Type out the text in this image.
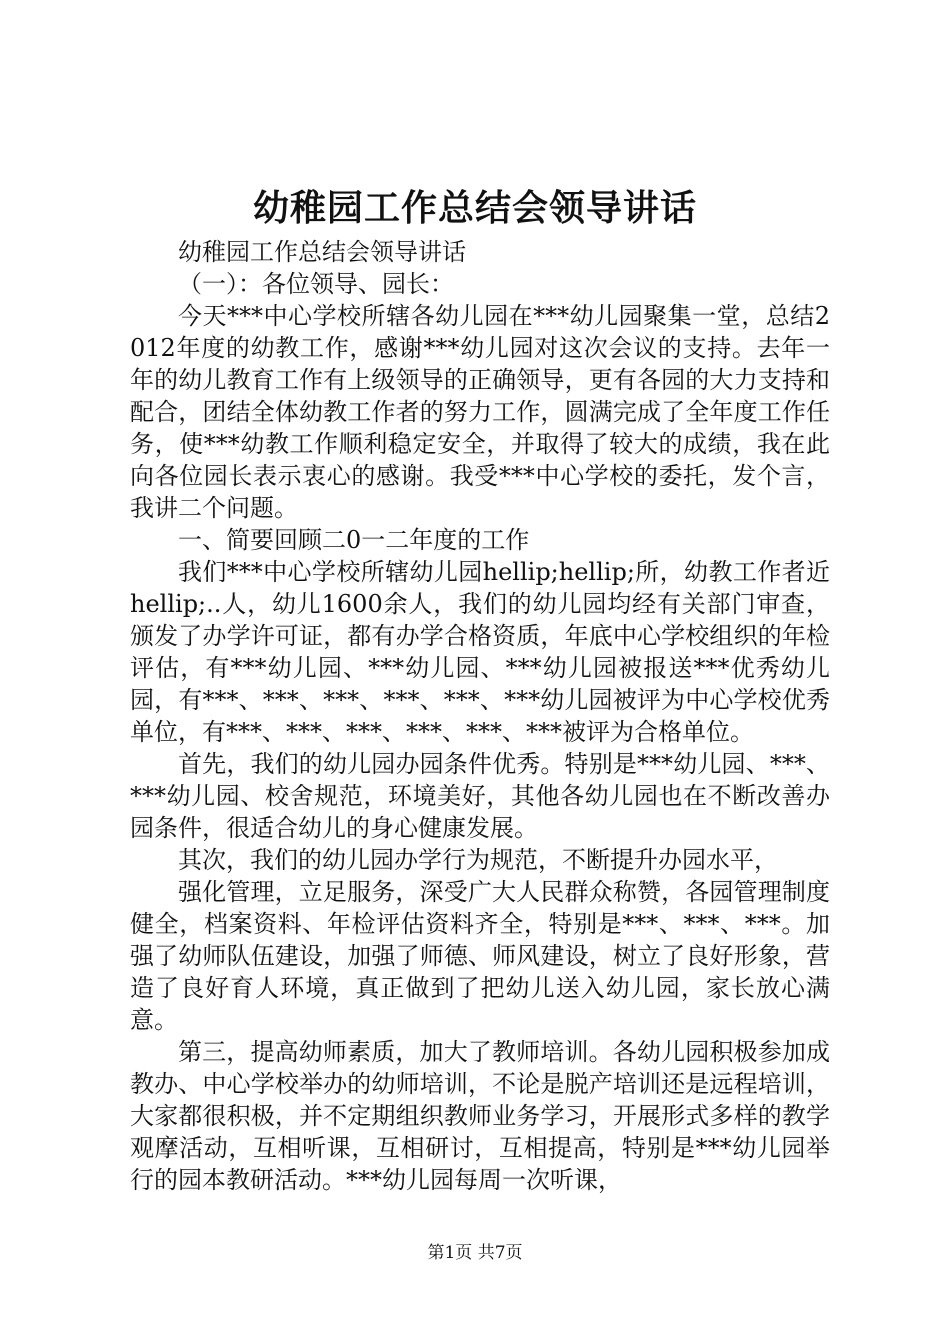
幼稚园工作总结会领导讲话

幼稚园工作总结会领导讲话

（一）：各位领导、园长：

今天***中心学校所辖各幼儿园在***幼儿园聚集一堂，总结2012年度的幼教工作，感谢***幼儿园对这次会议的支持。去年一年的幼儿教育工作有上级领导的正确领导，更有各园的大力支持和配合，团结全体幼教工作者的努力工作，圆满完成了全年度工作任务，使***幼教工作顺利稳定安全，并取得了较大的成绩，我在此向各位园长表示衷心的感谢。我受***中心学校的委托，发个言，我讲二个问题。

一、简要回顾二0一二年度的工作

我们***中心学校所辖幼儿园hellip;hellip;所，幼教工作者近hellip;..人，幼儿1600余人，我们的幼儿园均经有关部门审查，颁发了办学许可证，都有办学合格资质，年底中心学校组织的年检评估，有***幼儿园、***幼儿园、***幼儿园被报送***优秀幼儿园，有***、***、***、***、***、***幼儿园被评为中心学校优秀单位，有***、***、***、***、***、***被评为合格单位。

首先，我们的幼儿园办园条件优秀。特别是***幼儿园、***、***幼儿园、校舍规范，环境美好，其他各幼儿园也在不断改善办园条件，很适合幼儿的身心健康发展。

其次，我们的幼儿园办学行为规范，不断提升办园水平，

强化管理，立足服务，深受广大人民群众称赞，各园管理制度健全，档案资料、年检评估资料齐全，特别是***、***、***。加强了幼师队伍建设，加强了师德、师风建设，树立了良好形象，营造了良好育人环境，真正做到了把幼儿送入幼儿园，家长放心满意。

第三，提高幼师素质，加大了教师培训。各幼儿园积极参加成教办、中心学校举办的幼师培训，不论是脱产培训还是远程培训，大家都很积极，并不定期组织教师业务学习，开展形式多样的教学观摩活动，互相听课，互相研讨，互相提高，特别是***幼儿园举行的园本教研活动。***幼儿园每周一次听课，

第1页 共7页
